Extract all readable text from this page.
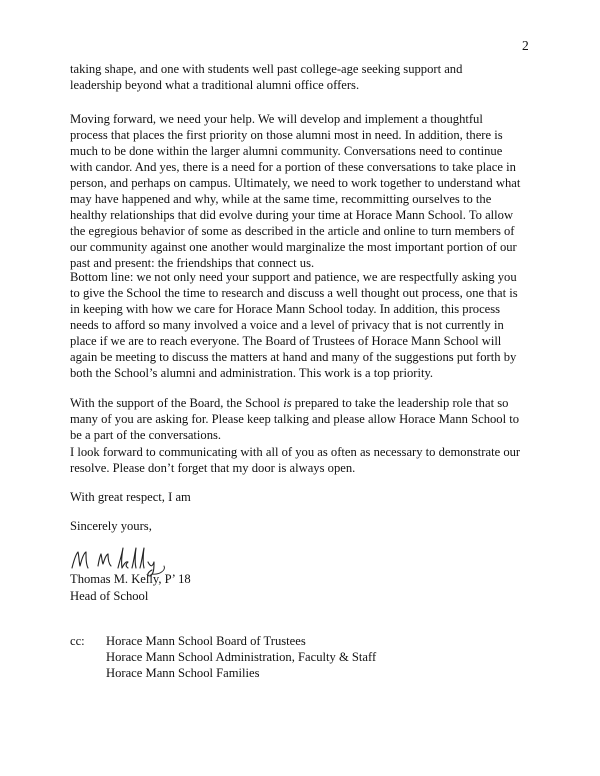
2

taking shape, and one with students well past college-age seeking support and
leadership beyond what a traditional alumni office offers.

Moving forward, we need your help. We will develop and implement a thoughtful
process that places the first priority on those alumni most in need. In addition, there is
much to be done within the larger alumni community. Conversations need to continue
with candor. And yes, there is a need for a portion of these conversations to take place in
person, and perhaps on campus. Ultimately, we need to work together to understand what
may have happened and why, while at the same time, recommitting ourselves to the
healthy relationships that did evolve during your time at Horace Mann School. To allow
the egregious behavior of some as described in the article and online to turn members of
our community against one another would marginalize the most important portion of our
past and present: the friendships that connect us.

Bottom line: we not only need your support and patience, we are respectfully asking you
to give the School the time to research and discuss a well thought out process, one that is
in keeping with how we care for Horace Mann School today. In addition, this process
needs to afford so many involved a voice and a level of privacy that is not currently in
place if we are to reach everyone. The Board of Trustees of Horace Mann School will
again be meeting to discuss the matters at hand and many of the suggestions put forth by
both the School’s alumni and administration. This work is a top priority.

With the support of the Board, the School is prepared to take the leadership role that so
many of you are asking for. Please keep talking and please allow Horace Mann School to
be a part of the conversations.

I look forward to communicating with all of you as often as necessary to demonstrate our
resolve. Please don’t forget that my door is always open.

With great respect, I am
Sincerely yours,
Thomas M. Kelly, P’ 18
Head of School
cc: Horace Mann School Board of Trustees
Horace Mann School Administration, Faculty & Staff
Horace Mann School Families
